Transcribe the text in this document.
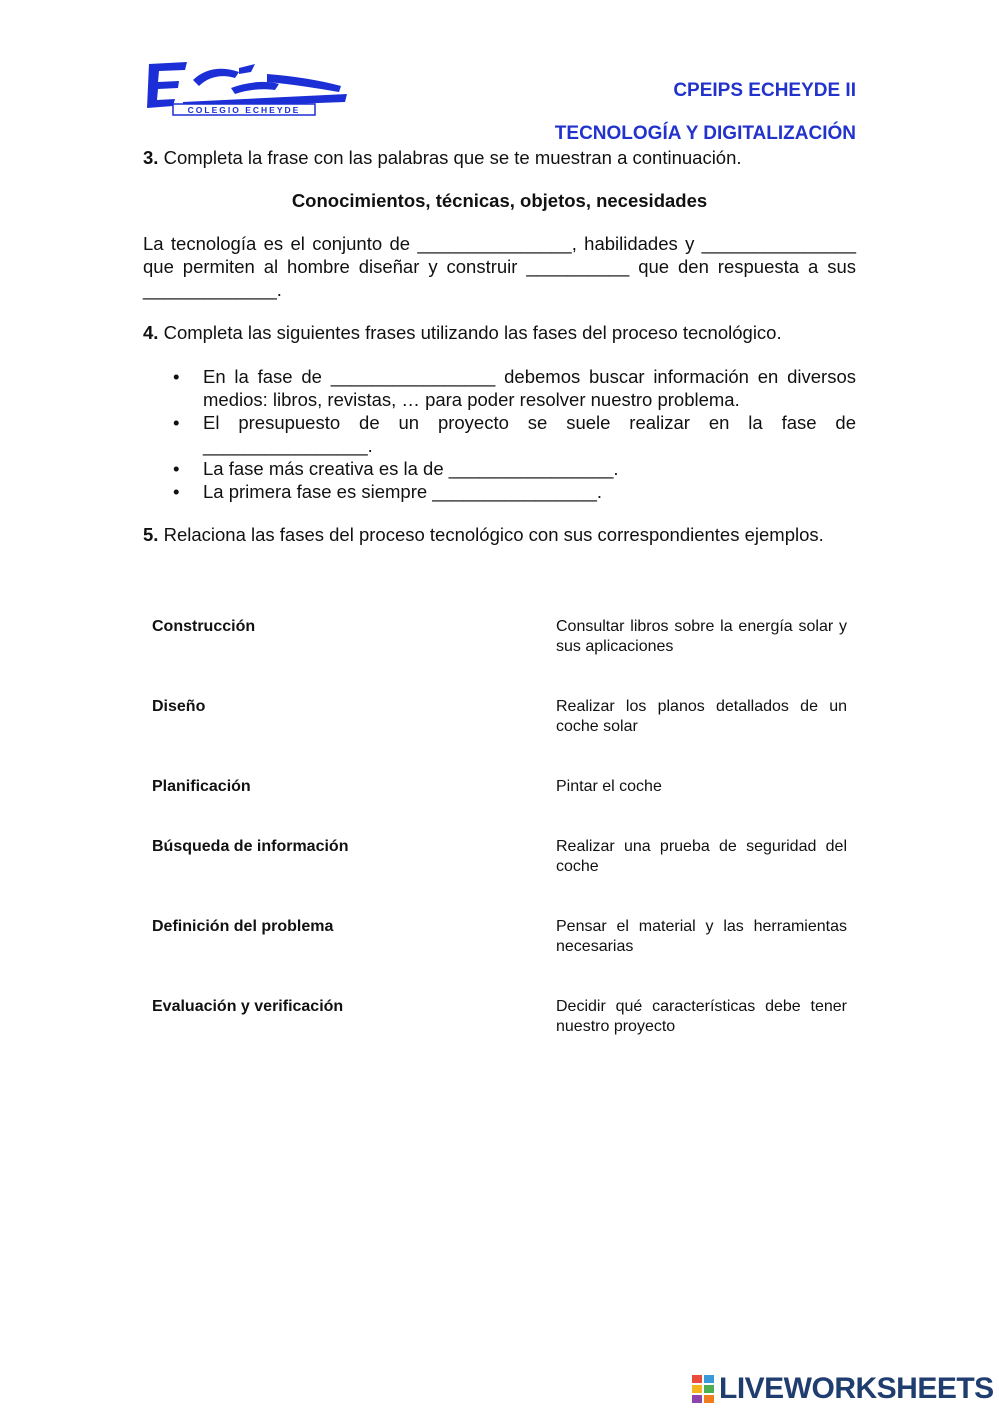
COLEGIO ECHEYDE
CPEIPS ECHEYDE II
TECNOLOGÍA Y DIGITALIZACIÓN

3. Completa la frase con las palabras que se te muestran a continuación.

Conocimientos, técnicas, objetos, necesidades

La tecnología es el conjunto de _______________, habilidades y _______________ que permiten al hombre diseñar y construir __________ que den respuesta a sus _____________.

4. Completa las siguientes frases utilizando las fases del proceso tecnológico.

• En la fase de ________________ debemos buscar información en diversos medios: libros, revistas, … para poder resolver nuestro problema.
• El presupuesto de un proyecto se suele realizar en la fase de ________________.
• La fase más creativa es la de ________________.
• La primera fase es siempre ________________.

5. Relaciona las fases del proceso tecnológico con sus correspondientes ejemplos.

Construcción	Consultar libros sobre la energía solar y sus aplicaciones
Diseño	Realizar los planos detallados de un coche solar
Planificación	Pintar el coche
Búsqueda de información	Realizar una prueba de seguridad del coche
Definición del problema	Pensar el material y las herramientas necesarias
Evaluación y verificación	Decidir qué características debe tener nuestro proyecto
LIVEWORKSHEETS
